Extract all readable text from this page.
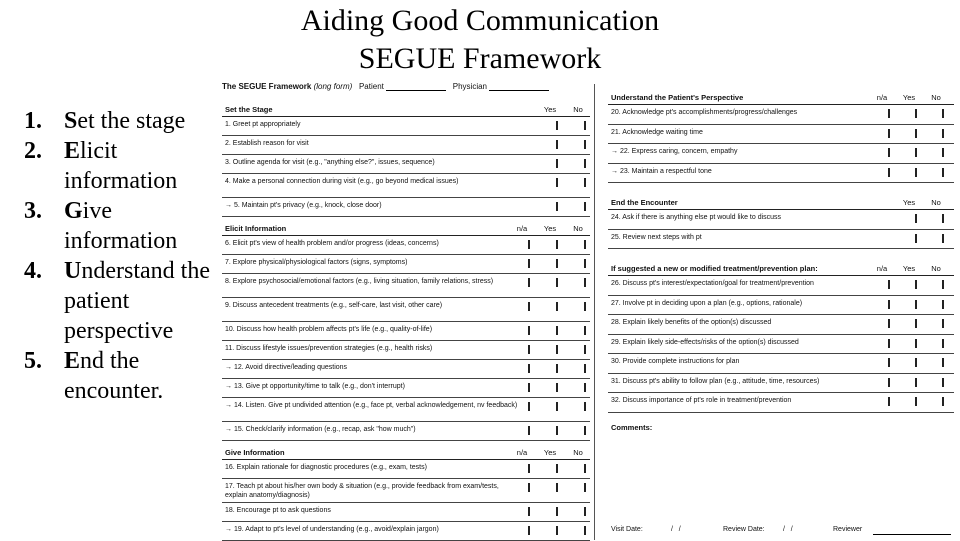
Aiding Good Communication
SEGUE Framework
1. Set the stage
2. Elicit information
3. Give information
4. Understand the patient perspective
5. End the encounter.
The SEGUE Framework (long form) Patient	Physician
Set the Stage	Yes	No
1. Greet pt appropriately
2. Establish reason for visit
3. Outline agenda for visit (e.g., "anything else?", issues, sequence)
4. Make a personal connection during visit (e.g., go beyond medical issues)
→ 5. Maintain pt's privacy (e.g., knock, close door)
Elicit Information	n/a	Yes	No
6. Elicit pt's view of health problem and/or progress (ideas, concerns)
7. Explore physical/physiological factors (signs, symptoms)
8. Explore psychosocial/emotional factors (e.g., living situation, family relations, stress)
9. Discuss antecedent treatments (e.g., self-care, last visit, other care)
10. Discuss how health problem affects pt's life (e.g., quality-of-life)
11. Discuss lifestyle issues/prevention strategies (e.g., health risks)
→ 12. Avoid directive/leading questions
→ 13. Give pt opportunity/time to talk (e.g., don't interrupt)
→ 14. Listen. Give pt undivided attention (e.g., face pt, verbal acknowledgement, nv feedback)
→ 15. Check/clarify information (e.g., recap, ask "how much")
Give Information	n/a	Yes	No
16. Explain rationale for diagnostic procedures (e.g., exam, tests)
17. Teach pt about his/her own body & situation (e.g., provide feedback from exam/tests, explain anatomy/diagnosis)
18. Encourage pt to ask questions
→ 19. Adapt to pt's level of understanding (e.g., avoid/explain jargon)
Understand the Patient's Perspective	n/a	Yes	No
20. Acknowledge pt's accomplishments/progress/challenges
21. Acknowledge waiting time
→ 22. Express caring, concern, empathy
→ 23. Maintain a respectful tone
End the Encounter	Yes	No
24. Ask if there is anything else pt would like to discuss
25. Review next steps with pt
If suggested a new or modified treatment/prevention plan:	n/a	Yes	No
26. Discuss pt's interest/expectation/goal for treatment/prevention
27. Involve pt in deciding upon a plan (e.g., options, rationale)
28. Explain likely benefits of the option(s) discussed
29. Explain likely side-effects/risks of the option(s) discussed
30. Provide complete instructions for plan
31. Discuss pt's ability to follow plan (e.g., attitude, time, resources)
32. Discuss importance of pt's role in treatment/prevention
Comments:
Visit Date:	/   /	Review Date:	/   /	Reviewer
